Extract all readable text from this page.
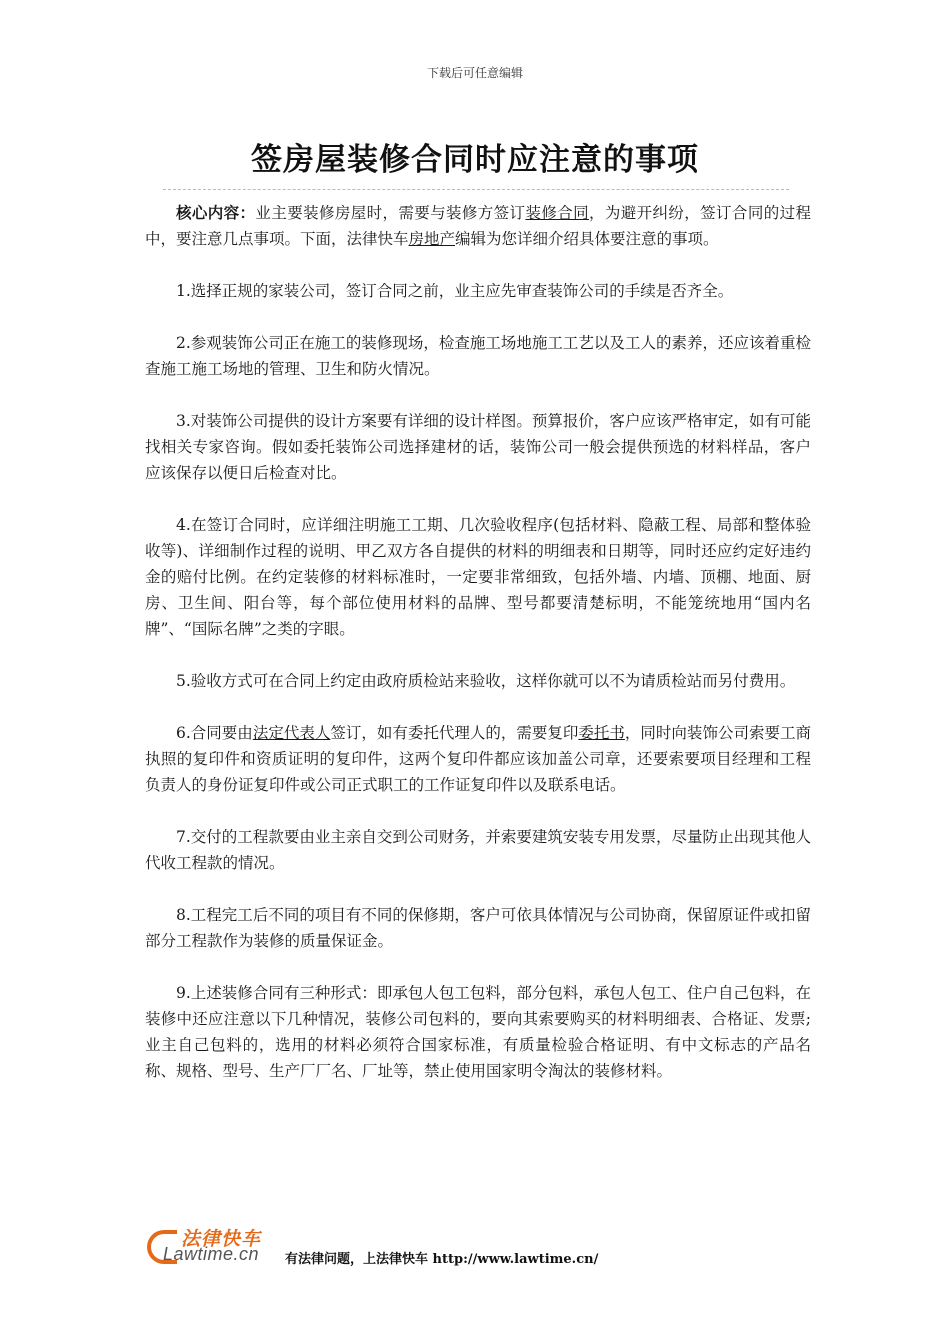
下载后可任意编辑
签房屋装修合同时应注意的事项

核心内容：业主要装修房屋时，需要与装修方签订装修合同，为避开纠纷，签订合同的过程中，要注意几点事项。下面，法律快车房地产编辑为您详细介绍具体要注意的事项。

1.选择正规的家装公司，签订合同之前，业主应先审查装饰公司的手续是否齐全。

2.参观装饰公司正在施工的装修现场，检查施工场地施工工艺以及工人的素养，还应该着重检查施工施工场地的管理、卫生和防火情况。

3.对装饰公司提供的设计方案要有详细的设计样图。预算报价，客户应该严格审定，如有可能找相关专家咨询。假如委托装饰公司选择建材的话，装饰公司一般会提供预选的材料样品，客户应该保存以便日后检查对比。

4.在签订合同时，应详细注明施工工期、几次验收程序(包括材料、隐蔽工程、局部和整体验收等)、详细制作过程的说明、甲乙双方各自提供的材料的明细表和日期等，同时还应约定好违约金的赔付比例。在约定装修的材料标准时，一定要非常细致，包括外墙、内墙、顶棚、地面、厨房、卫生间、阳台等，每个部位使用材料的品牌、型号都要清楚标明，不能笼统地用“国内名牌”、“国际名牌”之类的字眼。

5.验收方式可在合同上约定由政府质检站来验收，这样你就可以不为请质检站而另付费用。

6.合同要由法定代表人签订，如有委托代理人的，需要复印委托书，同时向装饰公司索要工商执照的复印件和资质证明的复印件，这两个复印件都应该加盖公司章，还要索要项目经理和工程负责人的身份证复印件或公司正式职工的工作证复印件以及联系电话。

7.交付的工程款要由业主亲自交到公司财务，并索要建筑安装专用发票，尽量防止出现其他人代收工程款的情况。

8.工程完工后不同的项目有不同的保修期，客户可依具体情况与公司协商，保留原证件或扣留部分工程款作为装修的质量保证金。

9.上述装修合同有三种形式：即承包人包工包料，部分包料，承包人包工、住户自己包料，在装修中还应注意以下几种情况，装修公司包料的，要向其索要购买的材料明细表、合格证、发票;业主自己包料的，选用的材料必须符合国家标准，有质量检验合格证明、有中文标志的产品名称、规格、型号、生产厂厂名、厂址等，禁止使用国家明令淘汰的装修材料。

法律快车
Lawtime.cn 有法律问题，上法律快车 http://www.lawtime.cn/
